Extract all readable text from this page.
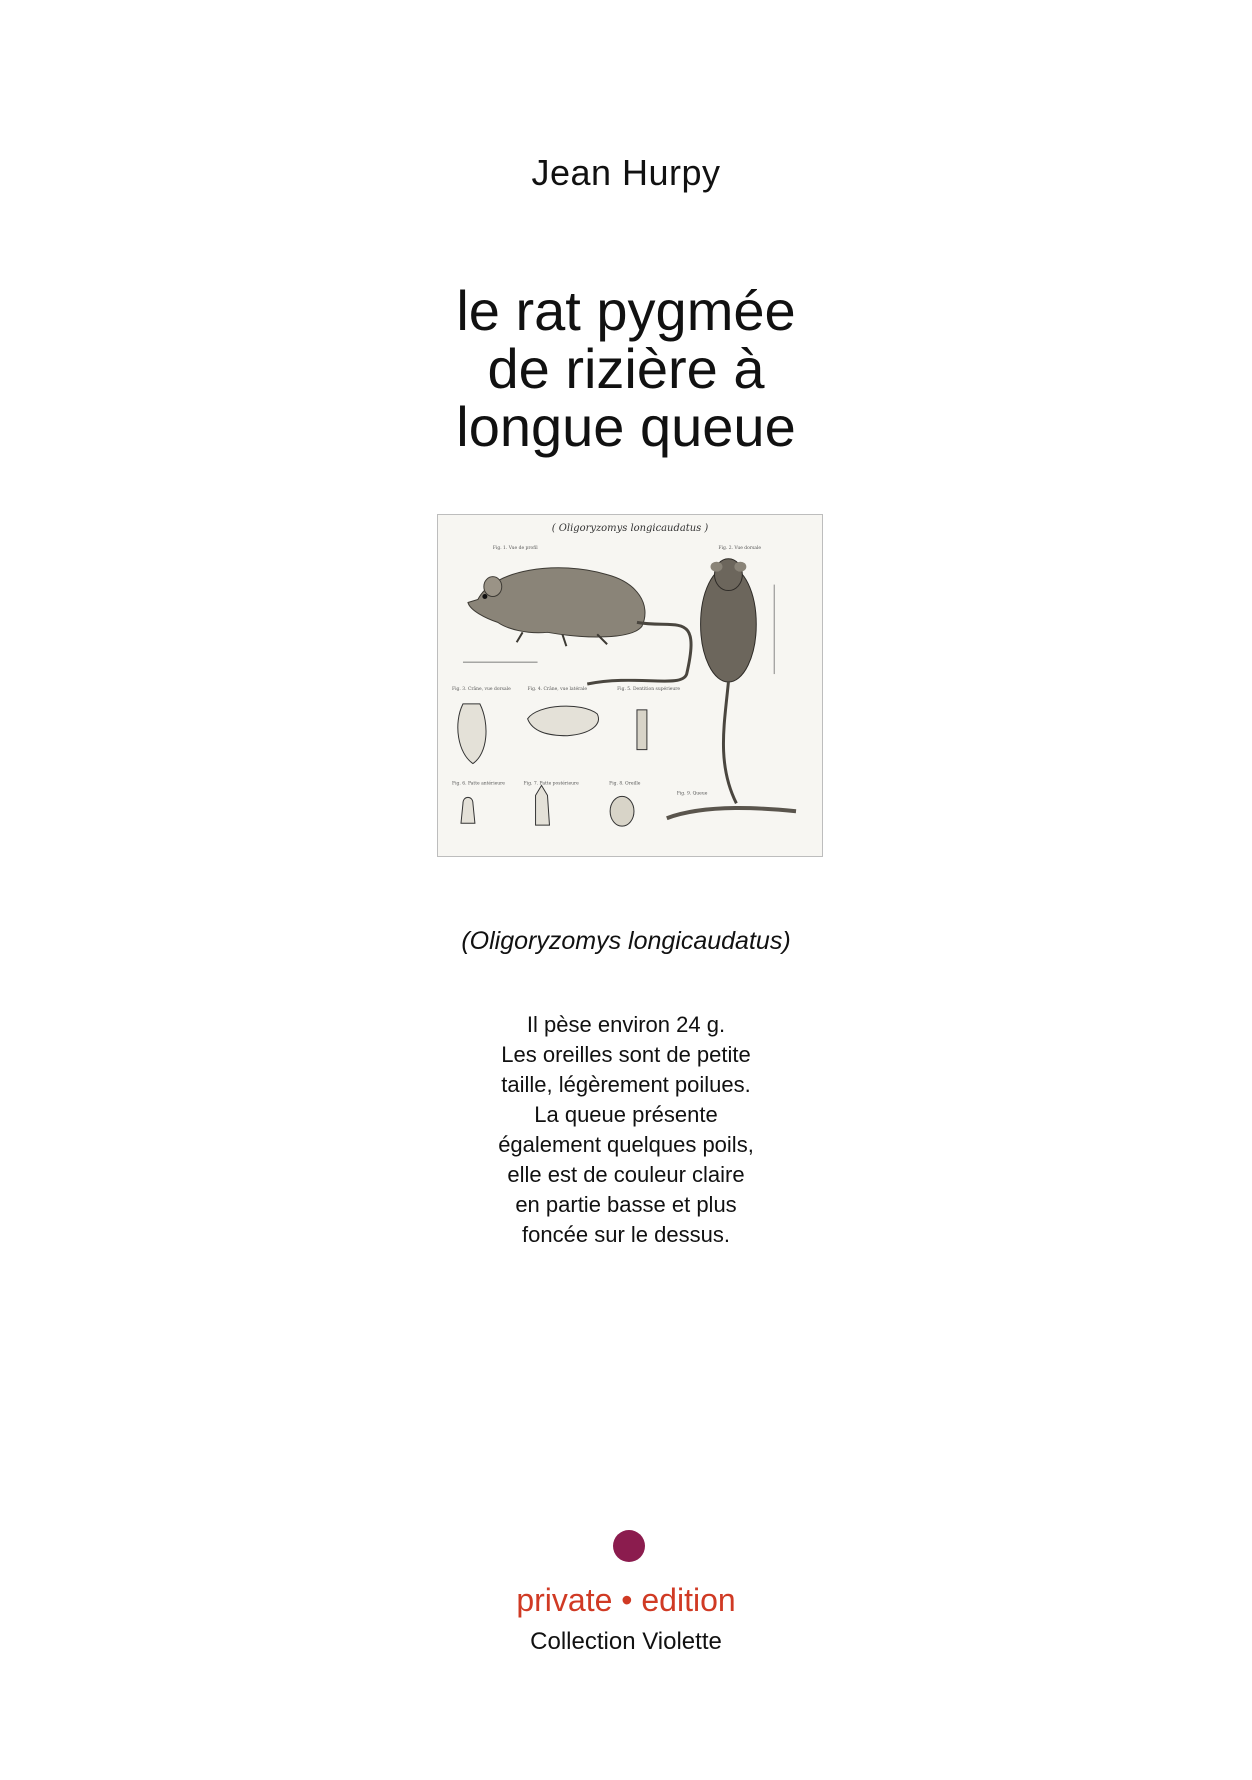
Jean Hurpy
le rat pygmée
de rizière à
longue queue
( Oligoryzomys longicaudatus )
Fig. 1. Vue de profil	Fig. 2. Vue dorsale
Fig. 3. Crâne, vue dorsale	Fig. 4. Crâne, vue latérale	Fig. 5. Dentition supérieure
Fig. 6. Patte antérieure	Fig. 7. Patte postérieure	Fig. 8. Oreille
Fig. 9. Queue
(Oligoryzomys longicaudatus)
Il pèse environ 24 g.
Les oreilles sont de petite
taille, légèrement poilues.
La queue présente
également quelques poils,
elle est de couleur claire
en partie basse et plus
foncée sur le dessus.
private • edition
Collection Violette
